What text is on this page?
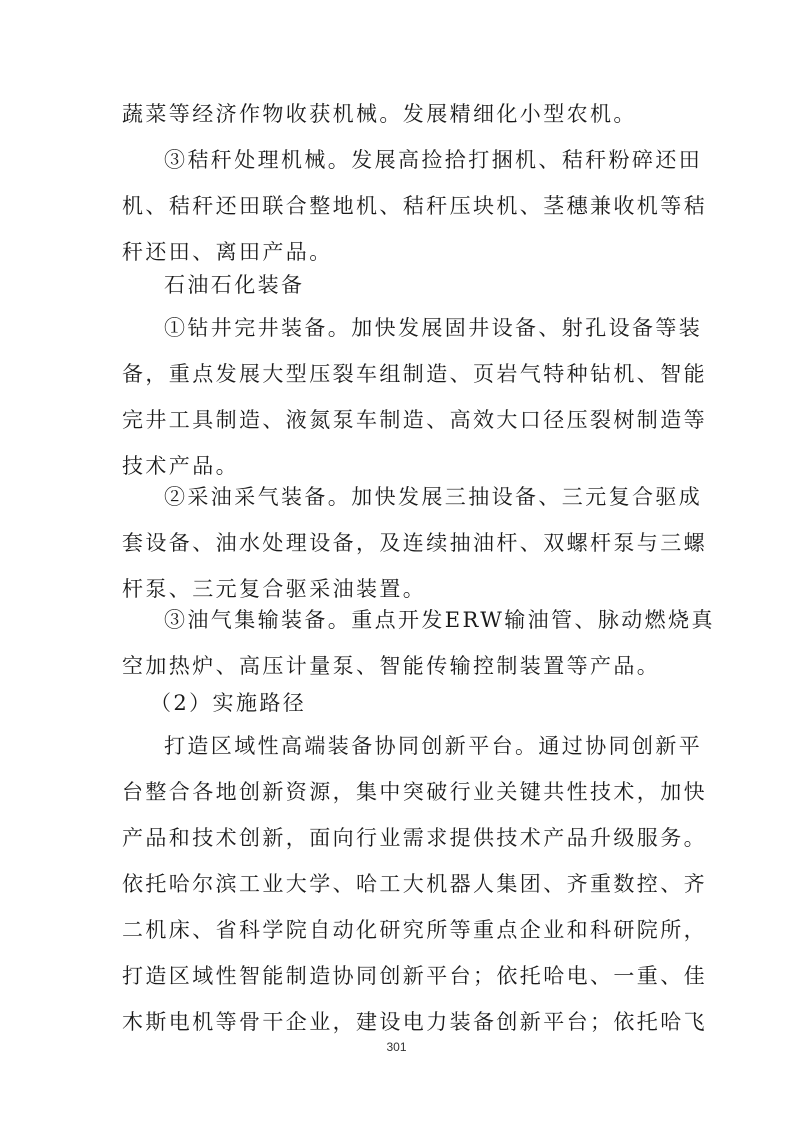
蔬菜等经济作物收获机械。发展精细化小型农机。
③秸秆处理机械。发展高捡拾打捆机、秸秆粉碎还田
机、秸秆还田联合整地机、秸秆压块机、茎穗兼收机等秸
秆还田、离田产品。
石油石化装备
①钻井完井装备。加快发展固井设备、射孔设备等装
备，重点发展大型压裂车组制造、页岩气特种钻机、智能
完井工具制造、液氮泵车制造、高效大口径压裂树制造等
技术产品。
②采油采气装备。加快发展三抽设备、三元复合驱成
套设备、油水处理设备，及连续抽油杆、双螺杆泵与三螺
杆泵、三元复合驱采油装置。
③油气集输装备。重点开发ERW输油管、脉动燃烧真
空加热炉、高压计量泵、智能传输控制装置等产品。
（2）实施路径
打造区域性高端装备协同创新平台。通过协同创新平
台整合各地创新资源，集中突破行业关键共性技术，加快
产品和技术创新，面向行业需求提供技术产品升级服务。
依托哈尔滨工业大学、哈工大机器人集团、齐重数控、齐
二机床、省科学院自动化研究所等重点企业和科研院所，
打造区域性智能制造协同创新平台；依托哈电、一重、佳
木斯电机等骨干企业，建设电力装备创新平台；依托哈飞
301
